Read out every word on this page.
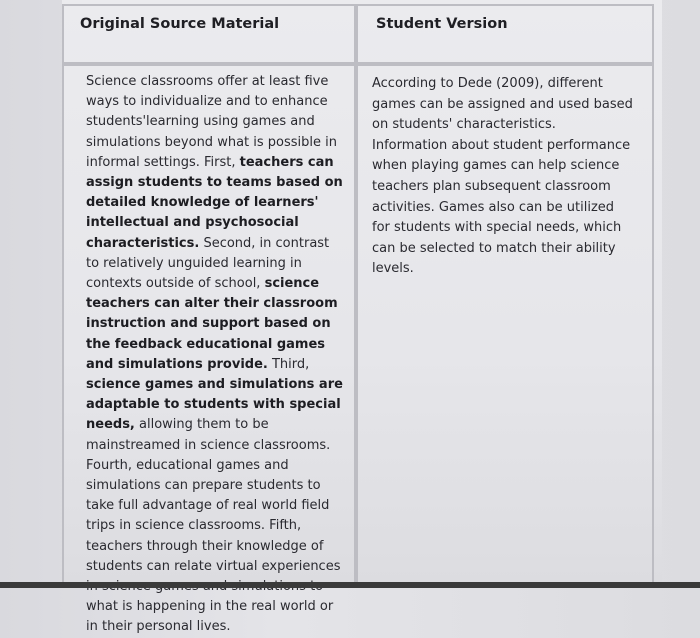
Original Source Material	Student Version
Science classrooms offer at least five ways to individualize and to enhance students'learning using games and simulations beyond what is possible in informal settings. First, teachers can assign students to teams based on detailed knowledge of learners' intellectual and psychosocial characteristics. Second, in contrast to relatively unguided learning in contexts outside of school, science teachers can alter their classroom instruction and support based on the feedback educational games and simulations provide. Third, science games and simulations are adaptable to students with special needs, allowing them to be mainstreamed in science classrooms. Fourth, educational games and simulations can prepare students to take full advantage of real world field trips in science classrooms. Fifth, teachers through their knowledge of students can relate virtual experiences what is happening in the real world or in their personal lives.
According to Dede (2009), different games can be assigned and used based on students' characteristics. Information about student performance when playing games can help science teachers plan subsequent classroom activities. Games also can be utilized for students with special needs, which can be selected to match their ability levels.
